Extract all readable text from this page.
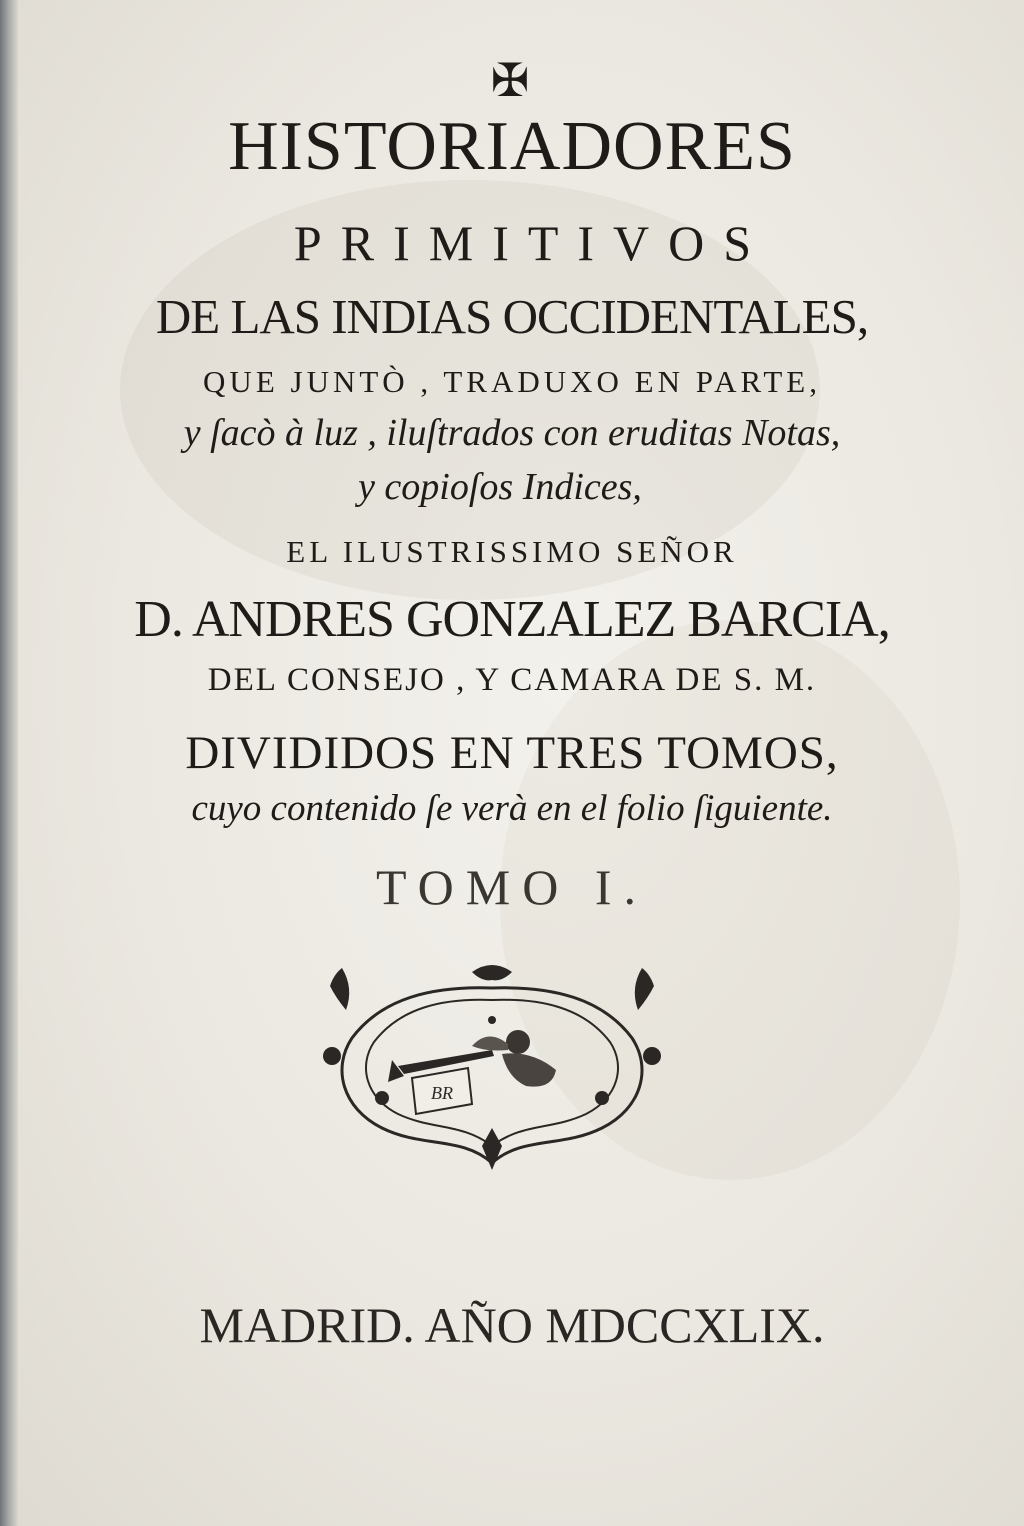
✠
HISTORIADORES
PRIMITIVOS
DE LAS INDIAS OCCIDENTALES,
QUE JUNTÒ , TRADUXO EN PARTE,
y ſacò à luz , iluſtrados con eruditas Notas,
y copioſos Indices,
EL ILUSTRISSIMO SEÑOR
D. ANDRES GONZALEZ BARCIA,
DEL CONSEJO , Y CAMARA DE S. M.
DIVIDIDOS EN TRES TOMOS,
cuyo contenido ſe verà en el folio ſiguiente.
TOMO I.
BR
MADRID. AÑO MDCCXLIX.
